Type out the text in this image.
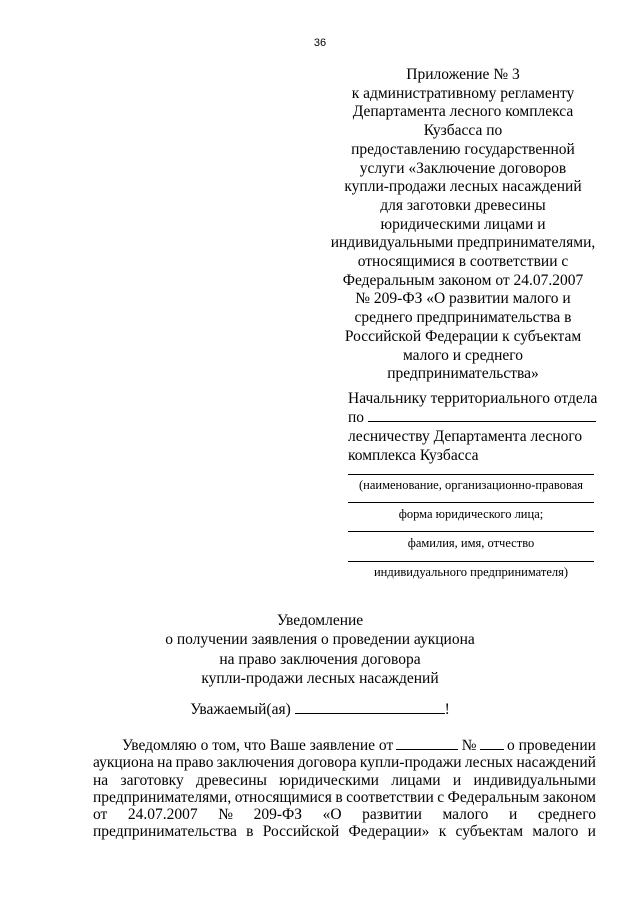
36
Приложение № 3
к административному регламенту
Департамента лесного комплекса
Кузбасса по
предоставлению государственной
услуги «Заключение договоров
купли-продажи лесных насаждений
для заготовки древесины
юридическими лицами и
индивидуальными предпринимателями,
относящимися в соответствии с
Федеральным законом от 24.07.2007
№ 209-ФЗ «О развитии малого и
среднего предпринимательства в
Российской Федерации к субъектам
малого и среднего
предпринимательства»
Начальнику территориального отдела
по
лесничеству Департамента лесного
комплекса Кузбасса
(наименование, организационно-правовая
форма юридического лица;
фамилия, имя, отчество
индивидуального предпринимателя)
Уведомление
о получении заявления о проведении аукциона
на право заключения договора
купли-продажи лесных насаждений
Уважаемый(ая)	!
Уведомляю о том, что Ваше заявление от	№ о проведении
аукциона на право заключения договора купли-продажи лесных насаждений
на заготовку древесины юридическими лицами и индивидуальными
предпринимателями, относящимися в соответствии с Федеральным законом
от 24.07.2007 № 209-ФЗ «О развитии малого и среднего
предпринимательства в Российской Федерации» к субъектам малого и
